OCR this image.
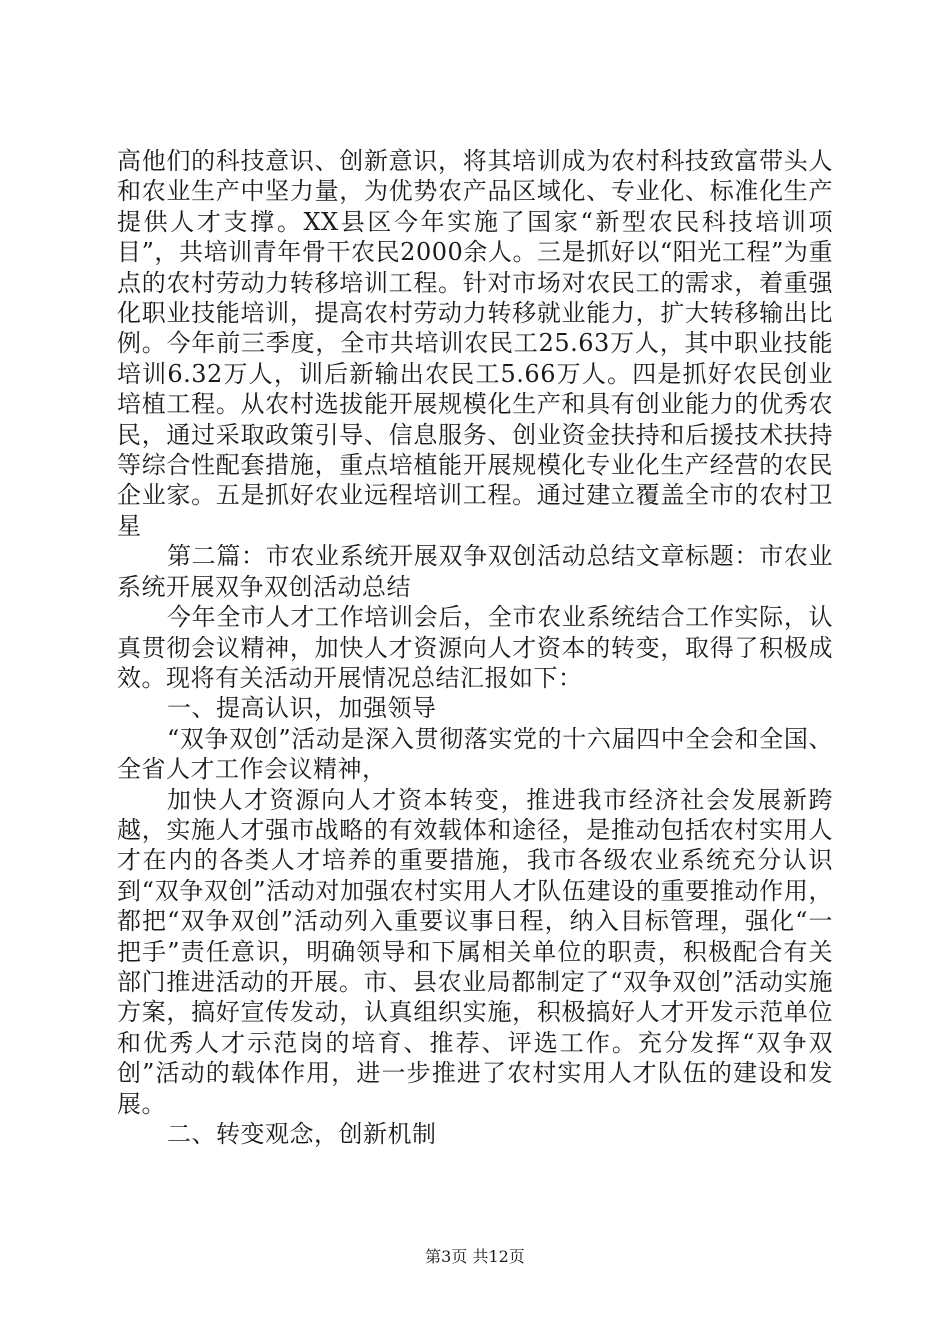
高他们的科技意识、创新意识，将其培训成为农村科技致富带头人和农业生产中坚力量，为优势农产品区域化、专业化、标准化生产提供人才支撑。XX县区今年实施了国家“新型农民科技培训项目”，共培训青年骨干农民2000余人。三是抓好以“阳光工程”为重点的农村劳动力转移培训工程。针对市场对农民工的需求，着重强化职业技能培训，提高农村劳动力转移就业能力，扩大转移输出比例。今年前三季度，全市共培训农民工25.63万人，其中职业技能培训6.32万人，训后新输出农民工5.66万人。四是抓好农民创业培植工程。从农村选拔能开展规模化生产和具有创业能力的优秀农民，通过采取政策引导、信息服务、创业资金扶持和后援技术扶持等综合性配套措施，重点培植能开展规模化专业化生产经营的农民企业家。五是抓好农业远程培训工程。通过建立覆盖全市的农村卫星

第二篇：市农业系统开展双争双创活动总结文章标题：市农业系统开展双争双创活动总结

今年全市人才工作培训会后，全市农业系统结合工作实际，认真贯彻会议精神，加快人才资源向人才资本的转变，取得了积极成效。现将有关活动开展情况总结汇报如下：

一、提高认识，加强领导

“双争双创”活动是深入贯彻落实党的十六届四中全会和全国、全省人才工作会议精神，

加快人才资源向人才资本转变，推进我市经济社会发展新跨越，实施人才强市战略的有效载体和途径，是推动包括农村实用人才在内的各类人才培养的重要措施，我市各级农业系统充分认识到“双争双创”活动对加强农村实用人才队伍建设的重要推动作用，都把“双争双创”活动列入重要议事日程，纳入目标管理，强化“一把手”责任意识，明确领导和下属相关单位的职责，积极配合有关部门推进活动的开展。市、县农业局都制定了“双争双创”活动实施方案，搞好宣传发动，认真组织实施，积极搞好人才开发示范单位和优秀人才示范岗的培育、推荐、评选工作。充分发挥“双争双创”活动的载体作用，进一步推进了农村实用人才队伍的建设和发展。

二、转变观念，创新机制

第3页 共12页
